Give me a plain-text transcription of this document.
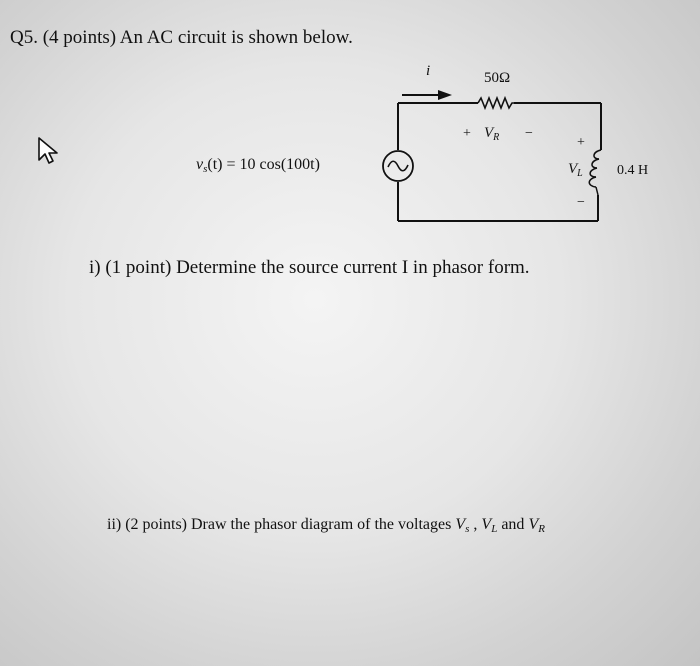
Q5. (4 points) An AC circuit is shown below.
i	50Ω
+ $V_R$ −
+
$V_L$
−
0.4 H
vs(t) = 10 cos(100t)
i) (1 point) Determine the source current I in phasor form.
ii) (2 points) Draw the phasor diagram of the voltages $V_s$ , $V_L$ and $V_R$
